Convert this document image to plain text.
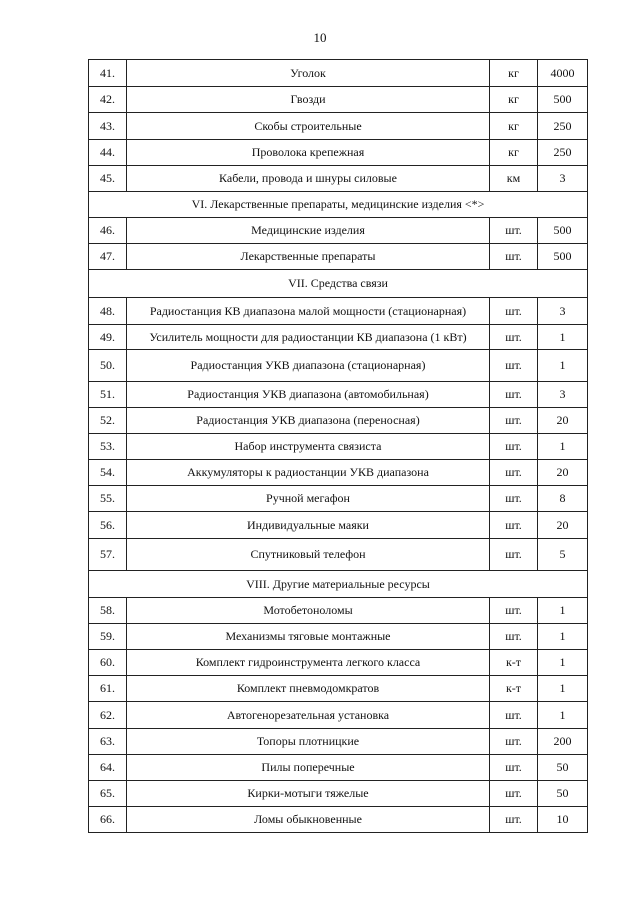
10
41.	Уголок	кг	4000
42.	Гвозди	кг	500
43.	Скобы строительные	кг	250
44.	Проволока крепежная	кг	250
45.	Кабели, провода и шнуры силовые	км	3
VI. Лекарственные препараты, медицинские изделия <*>			
46.	Медицинские изделия	шт.	500
47.	Лекарственные препараты	шт.	500
VII. Средства связи			
48.	Радиостанция КВ диапазона малой мощности (стационарная)	шт.	3
49.	Усилитель мощности для радиостанции КВ диапазона (1 кВт)	шт.	1
50.	Радиостанция УКВ диапазона (стационарная)	шт.	1
51.	Радиостанция УКВ диапазона (автомобильная)	шт.	3
52.	Радиостанция УКВ диапазона (переносная)	шт.	20
53.	Набор инструмента связиста	шт.	1
54.	Аккумуляторы к радиостанции УКВ диапазона	шт.	20
55.	Ручной мегафон	шт.	8
56.	Индивидуальные маяки	шт.	20
57.	Спутниковый телефон	шт.	5
VIII. Другие материальные ресурсы			
58.	Мотобетоноломы	шт.	1
59.	Механизмы тяговые монтажные	шт.	1
60.	Комплект гидроинструмента легкого класса	к-т	1
61.	Комплект пневмодомкратов	к-т	1
62.	Автогенорезательная установка	шт.	1
63.	Топоры плотницкие	шт.	200
64.	Пилы поперечные	шт.	50
65.	Кирки-мотыги тяжелые	шт.	50
66.	Ломы обыкновенные	шт.	10
